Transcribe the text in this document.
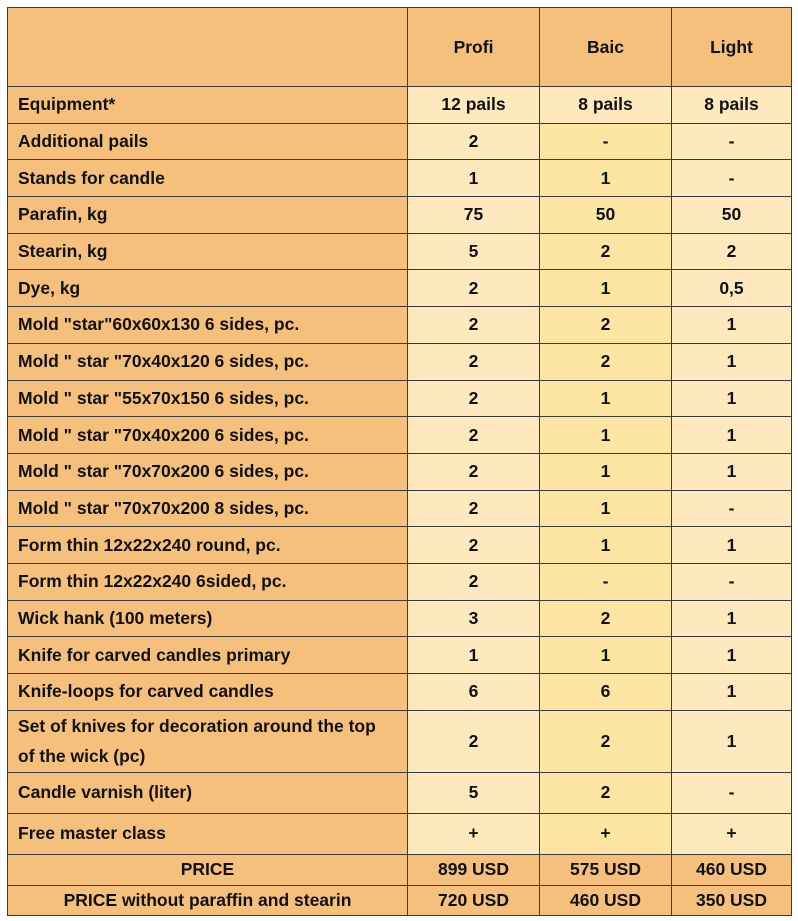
	Profi	Baic	Light
Equipment*	12 pails	8 pails	8 pails
Additional pails	2	-	-
Stands for candle	1	1	-
Parafin, kg	75	50	50
Stearin, kg	5	2	2
Dye, kg	2	1	0,5
Mold "star"60x60x130 6 sides, pc.	2	2	1
Mold " star "70x40x120 6 sides, pc.	2	2	1
Mold " star "55x70x150 6 sides, pc.	2	1	1
Mold " star "70x40x200 6 sides, pc.	2	1	1
Mold " star "70x70x200 6 sides, pc.	2	1	1
Mold " star "70x70x200 8 sides, pc.	2	1	-
Form thin 12x22x240 round, pc.	2	1	1
Form thin 12x22x240 6sided, pc.	2	-	-
Wick hank (100 meters)	3	2	1
Knife for carved candles primary	1	1	1
Knife-loops for carved candles	6	6	1
Set of knives for decoration around the top of the wick (pc)	2	2	1
Candle varnish (liter)	5	2	-
Free master class	+	+	+
PRICE	899 USD	575 USD	460 USD
PRICE without paraffin and stearin	720 USD	460 USD	350 USD
